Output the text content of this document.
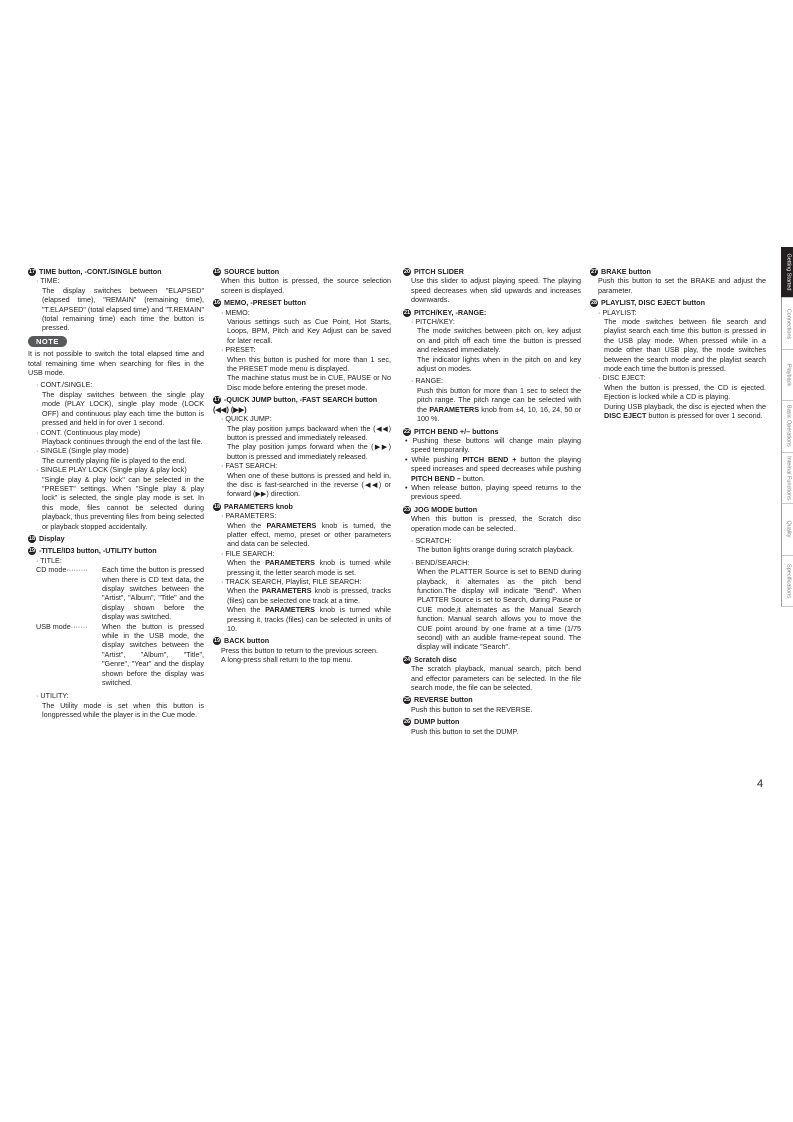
17 TIME button, -CONT./SINGLE button
· TIME:
The display switches between "ELAPSED" (elapsed time), "REMAIN" (remaining time), "T.ELAPSED" (total elapsed time) and "T.REMAIN" (total remaining time) each time the button is pressed.
NOTE
It is not possible to switch the total elapsed time and total remaining time when searching for files in the USB mode.
· CONT./SINGLE:
The display switches between the single play mode (PLAY LOCK), single play mode (LOCK OFF) and continuous play each time the button is pressed and held in for over 1 second.
· CONT. (Continuous play mode)
Playback continues through the end of the last file.
· SINGLE (Single play mode)
The currently playing file is played to the end.
· SINGLE PLAY LOCK (Single play & play lock)
"Single play & play lock" can be selected in the "PRESET" settings. When "Single play & play lock" is selected, the single play mode is set. In this mode, files cannot be selected during playback, thus preventing files from being selected or playback stopped accidentally.
18 Display
19 -TITLE/ID3 button, -UTILITY button
· TITLE:
CD mode·········	Each time the button is pressed when there is CD text data, the display switches between the "Artist", "Album", "Title" and the display shown before the display was switched.
USB mode·······	When the button is pressed while in the USB mode, the display switches between the "Artist", "Album", "Title", "Genre", "Year" and the display shown before the display was switched.
· UTILITY:
The Utility mode is set when this button is longpressed while the player is in the Cue mode.
15 SOURCE button
When this button is pressed, the source selection screen is displayed.
16 MEMO, -PRESET button
· MEMO:
Various settings such as Cue Point, Hot Starts, Loops, BPM, Pitch and Key Adjust can be saved for later recall.
· PRESET:
When this button is pushed for more than 1 sec, the PRESET mode menu is displayed.
The machine status must be in CUE, PAUSE or No Disc mode before entering the preset mode.
17 -QUICK JUMP button, -FAST SEARCH button
(◀◀) (▶▶)
· QUICK JUMP:
The play position jumps backward when the (◀◀) button is pressed and immediately released.
The play position jumps forward when the (▶▶) button is pressed and immediately released.
· FAST SEARCH:
When one of these buttons is pressed and held in, the disc is fast-searched in the reverse (◀◀) or forward (▶▶) direction.
18 PARAMETERS knob
· PARAMETERS:
When the PARAMETERS knob is turned, the platter effect, memo, preset or other parameters and data can be selected.
· FILE SEARCH:
When the PARAMETERS knob is turned while pressing it, the letter search mode is set.
· TRACK SEARCH, Playlist, FILE SEARCH:
When the PARAMETERS knob is pressed, tracks (files) can be selected one track at a time.
When the PARAMETERS knob is turned while pressing it, tracks (files) can be selected in units of 10.
19 BACK button
Press this button to return to the previous screen.
A long-press shall return to the top menu.
20 PITCH SLIDER
Use this slider to adjust playing speed. The playing speed decreases when slid upwards and increases downwards.
21 PITCH/KEY, -RANGE:
· PITCH/KEY:
The mode switches between pitch on, key adjust on and pitch off each time the button is pressed and released immediately.
The indicator lights when in the pitch on and key adjust on modes.
· RANGE:
Push this button for more than 1 sec to select the pitch range. The pitch range can be selected with the PARAMETERS knob from ±4, 10, 16, 24, 50 or 100 %.
22 PITCH BEND +/– buttons
• Pushing these buttons will change main playing speed temporarily.
• While pushing PITCH BEND + button the playing speed increases and speed decreases while pushing PITCH BEND – button.
• When release button, playing speed returns to the previous speed.
23 JOG MODE button
When this button is pressed, the Scratch disc operation mode can be selected.
· SCRATCH:
The button lights orange during scratch playback.
· BEND/SEARCH:
When the PLATTER Source is set to BEND during playback, it alternates as the pitch bend function.The display will indicate "Bend". When PLATTER Source is set to Search, during Pause or CUE mode,it alternates as the Manual Search function. Manual search allows you to move the CUE point around by one frame at a time (1/75 second) with an audible frame-repeat sound. The display will indicate "Search".
24 Scratch disc
The scratch playback, manual search, pitch bend and effector parameters can be selected. In the file search mode, the file can be selected.
25 REVERSE button
Push this button to set the REVERSE.
26 DUMP button
Push this button to set the DUMP.
27 BRAKE button
Push this button to set the BRAKE and adjust the parameter.
28 PLAYLIST, DISC EJECT button
· PLAYLIST:
The mode switches between file search and playlist search each time this button is pressed in the USB play mode. When pressed while in a mode other than USB play, the mode switches between the search mode and the playlist search mode each time the button is pressed.
· DISC EJECT:
When the button is pressed, the CD is ejected. Ejection is locked while a CD is playing.
During USB playback, the disc is ejected when the DISC EJECT button is pressed for over 1 second.
Getting Started
Connections
Playback
Basic Operations
Internal Functions
Quality
Specifications
4
